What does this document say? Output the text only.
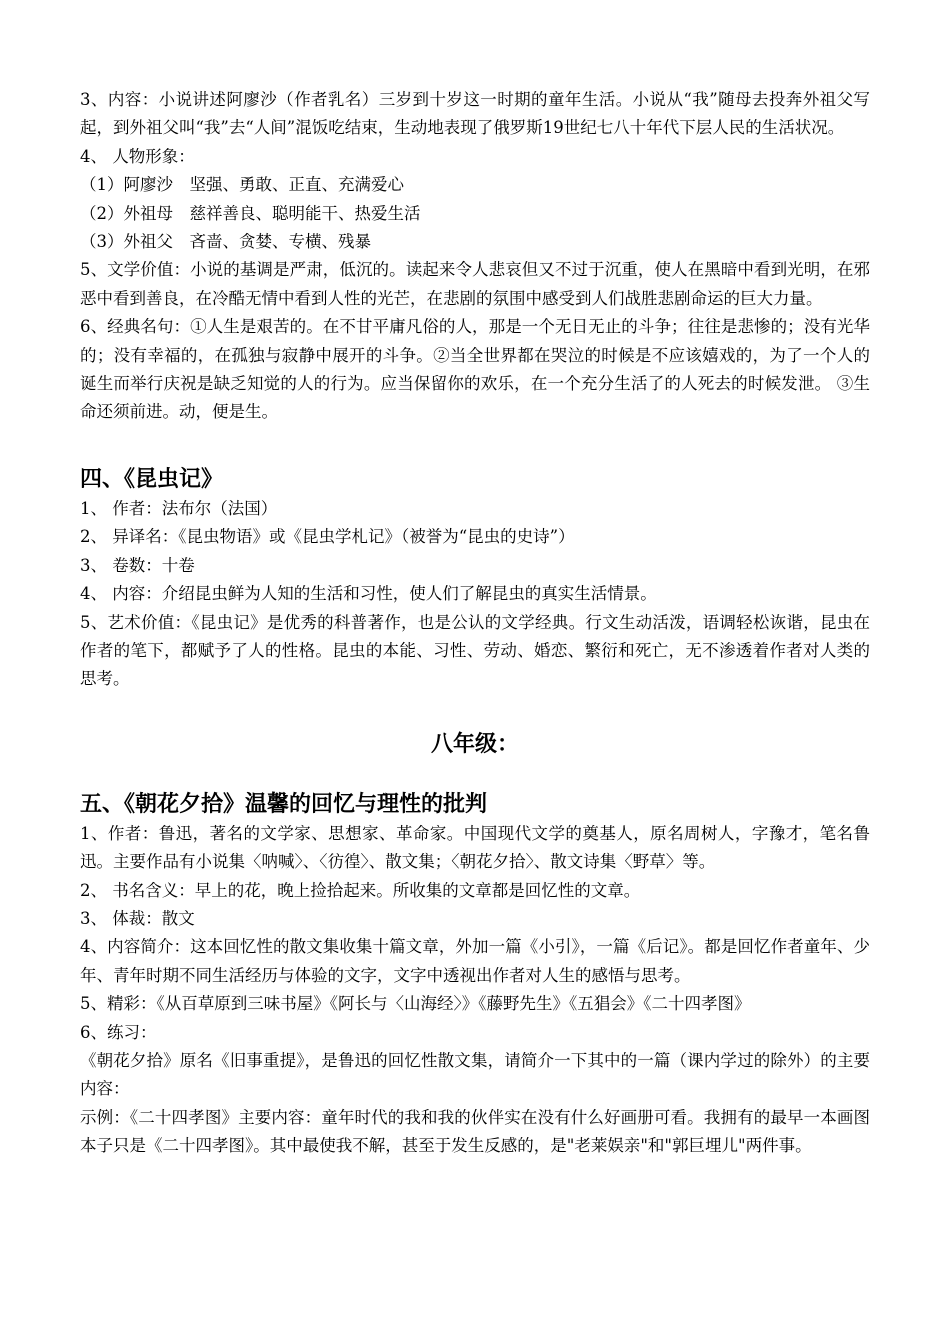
3、内容：小说讲述阿廖沙（作者乳名）三岁到十岁这一时期的童年生活。小说从“我”随母去投奔外祖父写起，到外祖父叫“我”去“人间”混饭吃结束，生动地表现了俄罗斯19世纪七八十年代下层人民的生活状况。

4、 人物形象：

（1）阿廖沙　坚强、勇敢、正直、充满爱心

（2）外祖母　慈祥善良、聪明能干、热爱生活

（3）外祖父　吝啬、贪婪、专横、残暴

5、文学价值：小说的基调是严肃，低沉的。读起来令人悲哀但又不过于沉重，使人在黑暗中看到光明，在邪恶中看到善良，在冷酷无情中看到人性的光芒，在悲剧的氛围中感受到人们战胜悲剧命运的巨大力量。

6、经典名句：①人生是艰苦的。在不甘平庸凡俗的人，那是一个无日无止的斗争；往往是悲惨的；没有光华的；没有幸福的，在孤独与寂静中展开的斗争。②当全世界都在哭泣的时候是不应该嬉戏的，为了一个人的诞生而举行庆祝是缺乏知觉的人的行为。应当保留你的欢乐，在一个充分生活了的人死去的时候发泄。 ③生命还须前进。动，便是生。

四、《昆虫记》

1、 作者：法布尔（法国）

2、 异译名：《昆虫物语》或《昆虫学札记》（被誉为“昆虫的史诗”）

3、 卷数：十卷

4、 内容：介绍昆虫鲜为人知的生活和习性，使人们了解昆虫的真实生活情景。

5、艺术价值：《昆虫记》是优秀的科普著作，也是公认的文学经典。行文生动活泼，语调轻松诙谐，昆虫在作者的笔下，都赋予了人的性格。昆虫的本能、习性、劳动、婚恋、繁衍和死亡，无不渗透着作者对人类的思考。

八年级：
五、《朝花夕拾》温馨的回忆与理性的批判

1、作者：鲁迅，著名的文学家、思想家、革命家。中国现代文学的奠基人，原名周树人，字豫才，笔名鲁迅。主要作品有小说集〈呐喊〉、〈彷徨〉、散文集；〈朝花夕拾〉、散文诗集〈野草〉等。

2、 书名含义：早上的花，晚上捡拾起来。所收集的文章都是回忆性的文章。

3、 体裁：散文

4、内容简介：这本回忆性的散文集收集十篇文章，外加一篇《小引》，一篇《后记》。都是回忆作者童年、少年、青年时期不同生活经历与体验的文字，文字中透视出作者对人生的感悟与思考。

5、精彩：《从百草原到三味书屋》《阿长与〈山海经〉》《藤野先生》《五猖会》《二十四孝图》

6、练习：

《朝花夕拾》原名《旧事重提》，是鲁迅的回忆性散文集，请简介一下其中的一篇（课内学过的除外）的主要内容：

示例：《二十四孝图》主要内容：童年时代的我和我的伙伴实在没有什么好画册可看。我拥有的最早一本画图本子只是《二十四孝图》。其中最使我不解，甚至于发生反感的，是"老莱娱亲"和"郭巨埋儿"两件事。
